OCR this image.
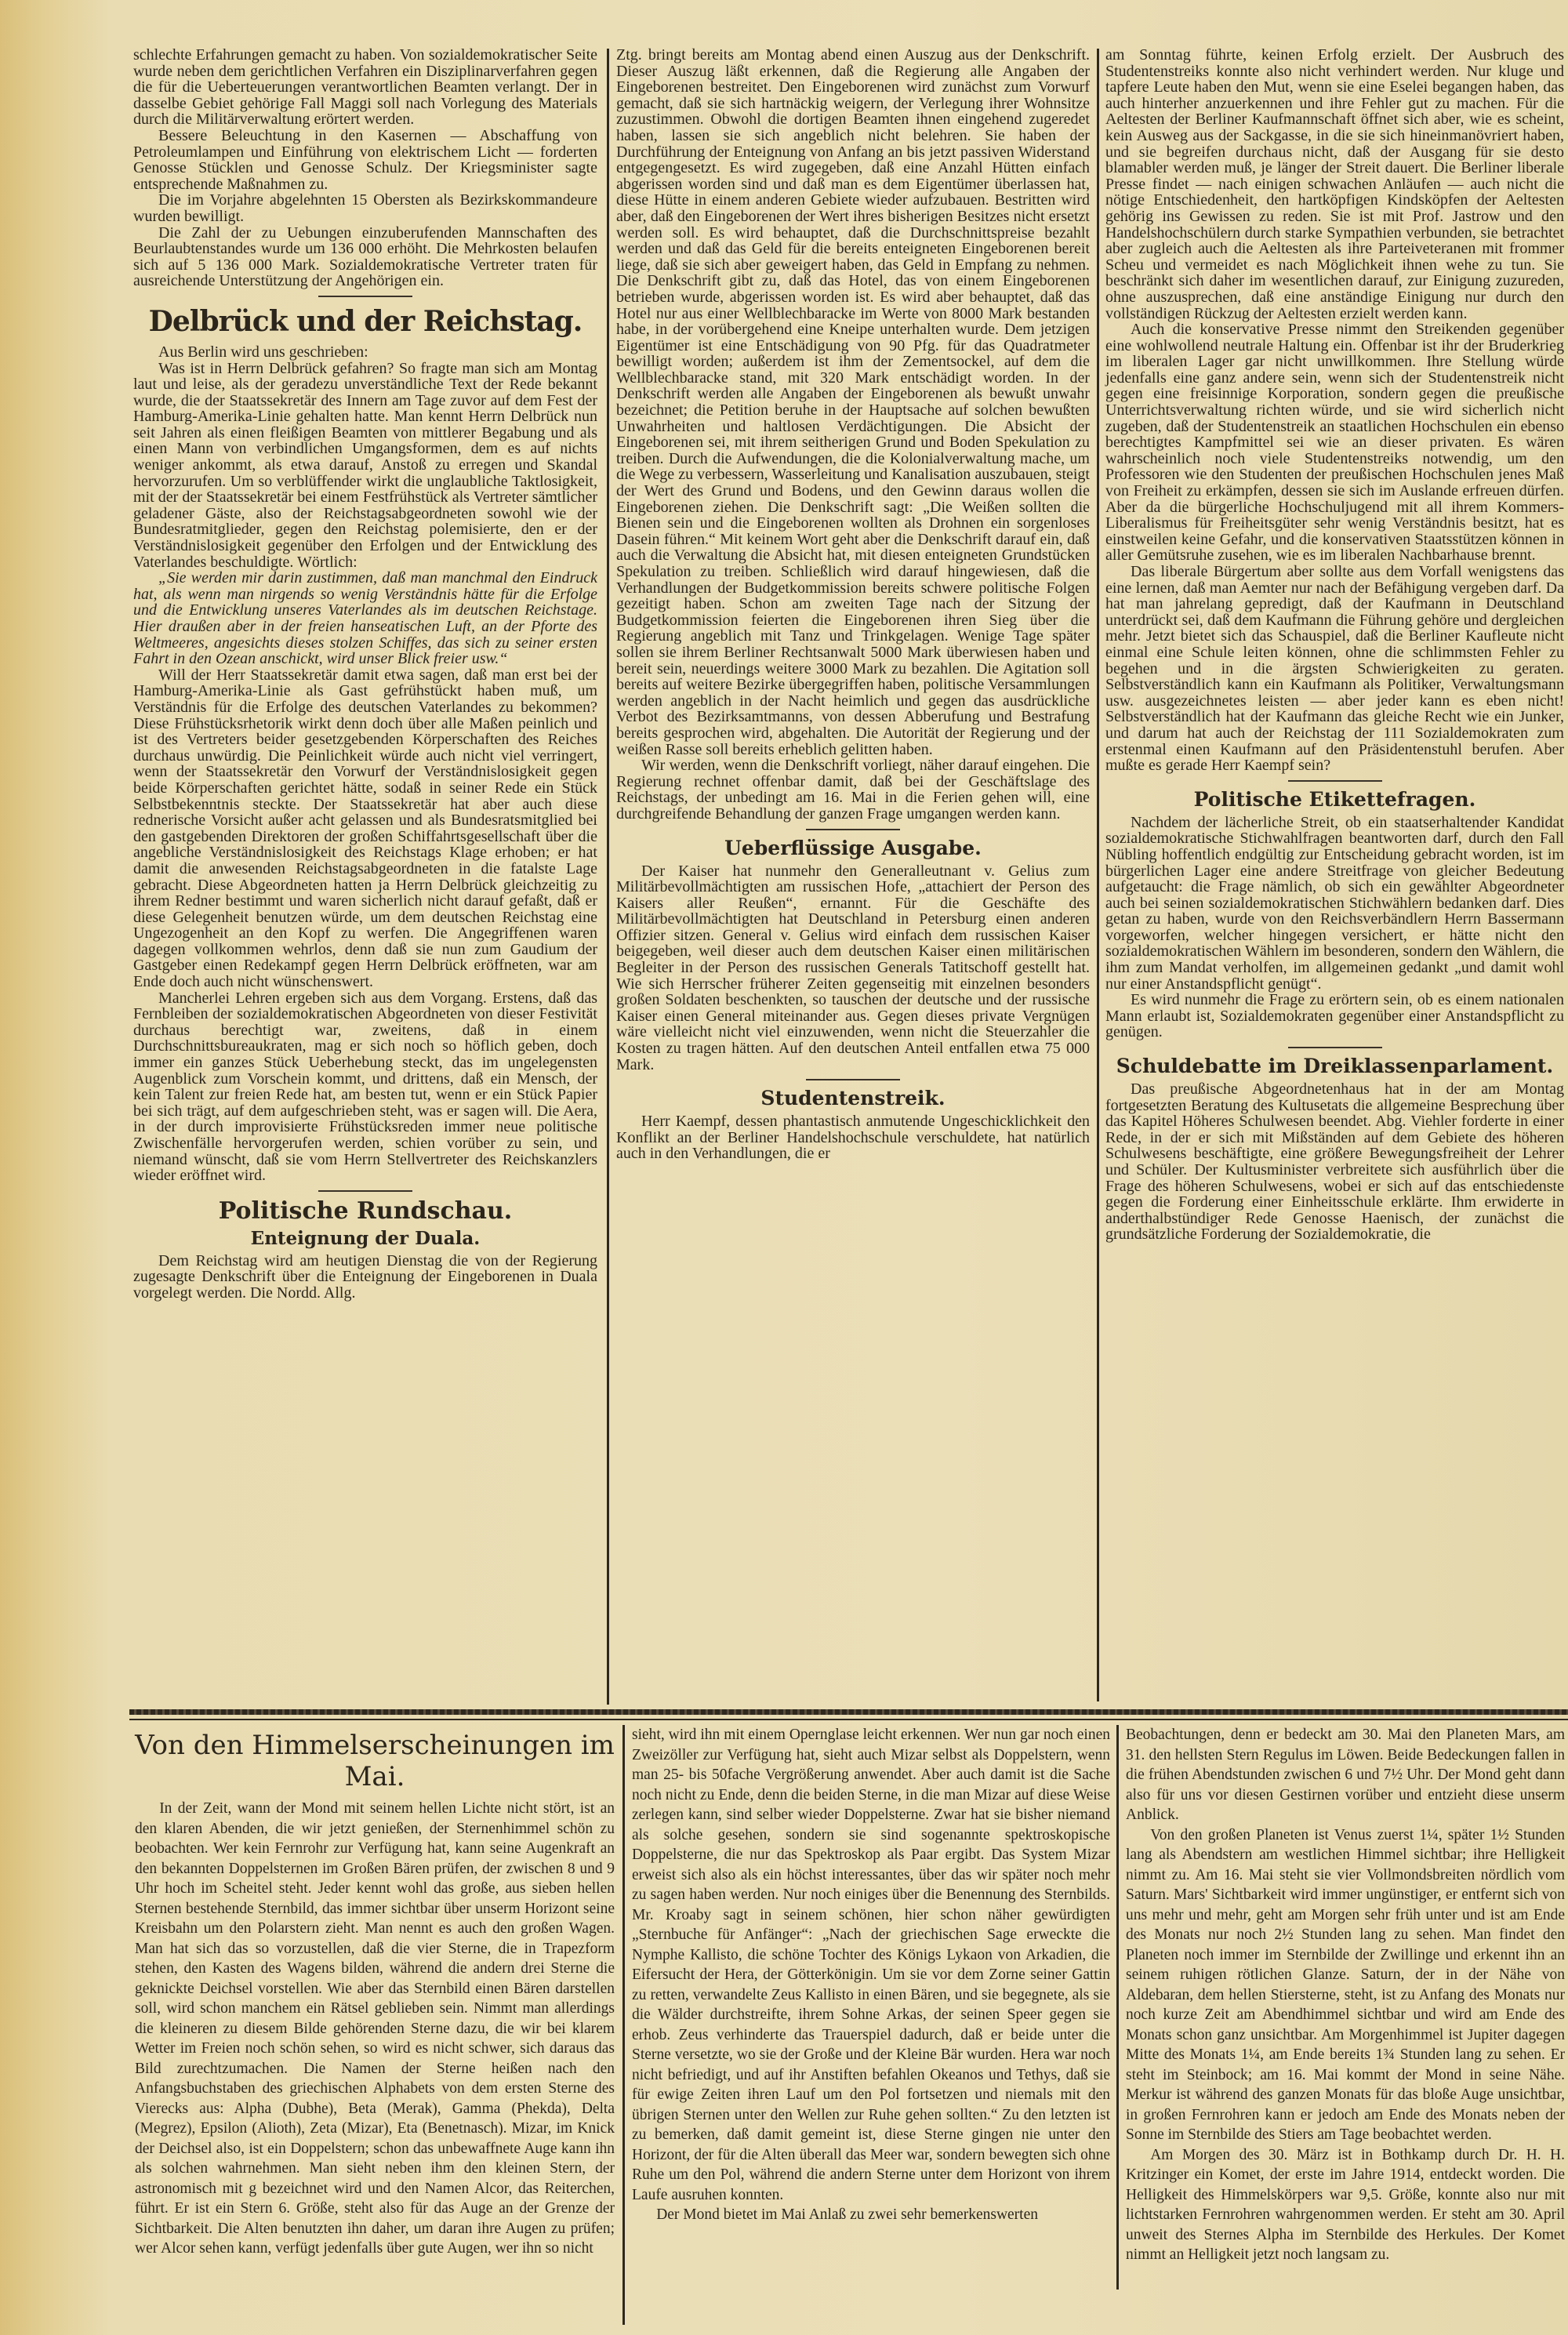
schlechte Erfahrungen gemacht zu haben. Von sozialdemokratischer Seite wurde neben dem gerichtlichen Verfahren ein Disziplinarverfahren gegen die für die Ueberteuerungen verantwortlichen Beamten verlangt. Der in dasselbe Gebiet gehörige Fall Maggi soll nach Vorlegung des Materials durch die Militärverwaltung erörtert werden.

Bessere Beleuchtung in den Kasernen — Abschaffung von Petroleumlampen und Einführung von elektrischem Licht — forderten Genosse Stücklen und Genosse Schulz. Der Kriegsminister sagte entsprechende Maßnahmen zu.

Die im Vorjahre abgelehnten 15 Obersten als Bezirkskommandeure wurden bewilligt.

Die Zahl der zu Uebungen einzuberufenden Mannschaften des Beurlaubtenstandes wurde um 136 000 erhöht. Die Mehrkosten belaufen sich auf 5 136 000 Mark. Sozialdemokratische Vertreter traten für ausreichende Unterstützung der Angehörigen ein.

Delbrück und der Reichstag.

Aus Berlin wird uns geschrieben:

Was ist in Herrn Delbrück gefahren? So fragte man sich am Montag laut und leise, als der geradezu unverständliche Text der Rede bekannt wurde, die der Staatssekretär des Innern am Tage zuvor auf dem Fest der Hamburg-Amerika-Linie gehalten hatte. Man kennt Herrn Delbrück nun seit Jahren als einen fleißigen Beamten von mittlerer Begabung und als einen Mann von verbindlichen Umgangsformen, dem es auf nichts weniger ankommt, als etwa darauf, Anstoß zu erregen und Skandal hervorzurufen. Um so verblüffender wirkt die unglaubliche Taktlosigkeit, mit der der Staatssekretär bei einem Festfrühstück als Vertreter sämtlicher geladener Gäste, also der Reichstagsabgeordneten sowohl wie der Bundesratmitglieder, gegen den Reichstag polemisierte, den er der Verständnislosigkeit gegenüber den Erfolgen und der Entwicklung des Vaterlandes beschuldigte. Wörtlich:

„Sie werden mir darin zustimmen, daß man manchmal den Eindruck hat, als wenn man nirgends so wenig Verständnis hätte für die Erfolge und die Entwicklung unseres Vaterlandes als im deutschen Reichstage. Hier draußen aber in der freien hanseatischen Luft, an der Pforte des Weltmeeres, angesichts dieses stolzen Schiffes, das sich zu seiner ersten Fahrt in den Ozean anschickt, wird unser Blick freier usw.“

Will der Herr Staatssekretär damit etwa sagen, daß man erst bei der Hamburg-Amerika-Linie als Gast gefrühstückt haben muß, um Verständnis für die Erfolge des deutschen Vaterlandes zu bekommen? Diese Frühstücksrhetorik wirkt denn doch über alle Maßen peinlich und ist des Vertreters beider gesetzgebenden Körperschaften des Reiches durchaus unwürdig. Die Peinlichkeit würde auch nicht viel verringert, wenn der Staatssekretär den Vorwurf der Verständnislosigkeit gegen beide Körperschaften gerichtet hätte, sodaß in seiner Rede ein Stück Selbstbekenntnis steckte. Der Staatssekretär hat aber auch diese rednerische Vorsicht außer acht gelassen und als Bundesratsmitglied bei den gastgebenden Direktoren der großen Schiffahrtsgesellschaft über die angebliche Verständnislosigkeit des Reichstags Klage erhoben; er hat damit die anwesenden Reichstagsabgeordneten in die fatalste Lage gebracht. Diese Abgeordneten hatten ja Herrn Delbrück gleichzeitig zu ihrem Redner bestimmt und waren sicherlich nicht darauf gefaßt, daß er diese Gelegenheit benutzen würde, um dem deutschen Reichstag eine Ungezogenheit an den Kopf zu werfen. Die Angegriffenen waren dagegen vollkommen wehrlos, denn daß sie nun zum Gaudium der Gastgeber einen Redekampf gegen Herrn Delbrück eröffneten, war am Ende doch auch nicht wünschenswert.

Mancherlei Lehren ergeben sich aus dem Vorgang. Erstens, daß das Fernbleiben der sozialdemokratischen Abgeordneten von dieser Festivität durchaus berechtigt war, zweitens, daß in einem Durchschnittsbureaukraten, mag er sich noch so höflich geben, doch immer ein ganzes Stück Ueberhebung steckt, das im ungelegensten Augenblick zum Vorschein kommt, und drittens, daß ein Mensch, der kein Talent zur freien Rede hat, am besten tut, wenn er ein Stück Papier bei sich trägt, auf dem aufgeschrieben steht, was er sagen will. Die Aera, in der durch improvisierte Frühstücksreden immer neue politische Zwischenfälle hervorgerufen werden, schien vorüber zu sein, und niemand wünscht, daß sie vom Herrn Stellvertreter des Reichskanzlers wieder eröffnet wird.

Politische Rundschau.
Enteignung der Duala.

Dem Reichstag wird am heutigen Dienstag die von der Regierung zugesagte Denkschrift über die Enteignung der Eingeborenen in Duala vorgelegt werden. Die Nordd. Allg.

Ztg. bringt bereits am Montag abend einen Auszug aus der Denkschrift. Dieser Auszug läßt erkennen, daß die Regierung alle Angaben der Eingeborenen bestreitet. Den Eingeborenen wird zunächst zum Vorwurf gemacht, daß sie sich hartnäckig weigern, der Verlegung ihrer Wohnsitze zuzustimmen. Obwohl die dortigen Beamten ihnen eingehend zugeredet haben, lassen sie sich angeblich nicht belehren. Sie haben der Durchführung der Enteignung von Anfang an bis jetzt passiven Widerstand entgegengesetzt. Es wird zugegeben, daß eine Anzahl Hütten einfach abgerissen worden sind und daß man es dem Eigentümer überlassen hat, diese Hütte in einem anderen Gebiete wieder aufzubauen. Bestritten wird aber, daß den Eingeborenen der Wert ihres bisherigen Besitzes nicht ersetzt werden soll. Es wird behauptet, daß die Durchschnittspreise bezahlt werden und daß das Geld für die bereits enteigneten Eingeborenen bereit liege, daß sie sich aber geweigert haben, das Geld in Empfang zu nehmen. Die Denkschrift gibt zu, daß das Hotel, das von einem Eingeborenen betrieben wurde, abgerissen worden ist. Es wird aber behauptet, daß das Hotel nur aus einer Wellblechbaracke im Werte von 8000 Mark bestanden habe, in der vorübergehend eine Kneipe unterhalten wurde. Dem jetzigen Eigentümer ist eine Entschädigung von 90 Pfg. für das Quadratmeter bewilligt worden; außerdem ist ihm der Zementsockel, auf dem die Wellblechbaracke stand, mit 320 Mark entschädigt worden. In der Denkschrift werden alle Angaben der Eingeborenen als bewußt unwahr bezeichnet; die Petition beruhe in der Hauptsache auf solchen bewußten Unwahrheiten und haltlosen Verdächtigungen. Die Absicht der Eingeborenen sei, mit ihrem seitherigen Grund und Boden Spekulation zu treiben. Durch die Aufwendungen, die die Kolonialverwaltung mache, um die Wege zu verbessern, Wasserleitung und Kanalisation auszubauen, steigt der Wert des Grund und Bodens, und den Gewinn daraus wollen die Eingeborenen ziehen. Die Denkschrift sagt: „Die Weißen sollten die Bienen sein und die Eingeborenen wollten als Drohnen ein sorgenloses Dasein führen.“ Mit keinem Wort geht aber die Denkschrift darauf ein, daß auch die Verwaltung die Absicht hat, mit diesen enteigneten Grundstücken Spekulation zu treiben. Schließlich wird darauf hingewiesen, daß die Verhandlungen der Budgetkommission bereits schwere politische Folgen gezeitigt haben. Schon am zweiten Tage nach der Sitzung der Budgetkommission feierten die Eingeborenen ihren Sieg über die Regierung angeblich mit Tanz und Trinkgelagen. Wenige Tage später sollen sie ihrem Berliner Rechtsanwalt 5000 Mark überwiesen haben und bereit sein, neuerdings weitere 3000 Mark zu bezahlen. Die Agitation soll bereits auf weitere Bezirke übergegriffen haben, politische Versammlungen werden angeblich in der Nacht heimlich und gegen das ausdrückliche Verbot des Bezirksamtmanns, von dessen Abberufung und Bestrafung bereits gesprochen wird, abgehalten. Die Autorität der Regierung und der weißen Rasse soll bereits erheblich gelitten haben.

Wir werden, wenn die Denkschrift vorliegt, näher darauf eingehen. Die Regierung rechnet offenbar damit, daß bei der Geschäftslage des Reichstags, der unbedingt am 16. Mai in die Ferien gehen will, eine durchgreifende Behandlung der ganzen Frage umgangen werden kann.

Ueberflüssige Ausgabe.

Der Kaiser hat nunmehr den Generalleutnant v. Gelius zum Militärbevollmächtigten am russischen Hofe, „attachiert der Person des Kaisers aller Reußen“, ernannt. Für die Geschäfte des Militärbevollmächtigten hat Deutschland in Petersburg einen anderen Offizier sitzen. General v. Gelius wird einfach dem russischen Kaiser beigegeben, weil dieser auch dem deutschen Kaiser einen militärischen Begleiter in der Person des russischen Generals Tatitschoff gestellt hat. Wie sich Herrscher früherer Zeiten gegenseitig mit einzelnen besonders großen Soldaten beschenkten, so tauschen der deutsche und der russische Kaiser einen General miteinander aus. Gegen dieses private Vergnügen wäre vielleicht nicht viel einzuwenden, wenn nicht die Steuerzahler die Kosten zu tragen hätten. Auf den deutschen Anteil entfallen etwa 75 000 Mark.

Studentenstreik.

Herr Kaempf, dessen phantastisch anmutende Ungeschicklichkeit den Konflikt an der Berliner Handelshochschule verschuldete, hat natürlich auch in den Verhandlungen, die er

am Sonntag führte, keinen Erfolg erzielt. Der Ausbruch des Studentenstreiks konnte also nicht verhindert werden. Nur kluge und tapfere Leute haben den Mut, wenn sie eine Eselei begangen haben, das auch hinterher anzuerkennen und ihre Fehler gut zu machen. Für die Aeltesten der Berliner Kaufmannschaft öffnet sich aber, wie es scheint, kein Ausweg aus der Sackgasse, in die sie sich hineinmanövriert haben, und sie begreifen durchaus nicht, daß der Ausgang für sie desto blamabler werden muß, je länger der Streit dauert. Die Berliner liberale Presse findet — nach einigen schwachen Anläufen — auch nicht die nötige Entschiedenheit, den hartköpfigen Kindsköpfen der Aeltesten gehörig ins Gewissen zu reden. Sie ist mit Prof. Jastrow und den Handelshochschülern durch starke Sympathien verbunden, sie betrachtet aber zugleich auch die Aeltesten als ihre Parteiveteranen mit frommer Scheu und vermeidet es nach Möglichkeit ihnen wehe zu tun. Sie beschränkt sich daher im wesentlichen darauf, zur Einigung zuzureden, ohne auszusprechen, daß eine anständige Einigung nur durch den vollständigen Rückzug der Aeltesten erzielt werden kann.

Auch die konservative Presse nimmt den Streikenden gegenüber eine wohlwollend neutrale Haltung ein. Offenbar ist ihr der Bruderkrieg im liberalen Lager gar nicht unwillkommen. Ihre Stellung würde jedenfalls eine ganz andere sein, wenn sich der Studentenstreik nicht gegen eine freisinnige Korporation, sondern gegen die preußische Unterrichtsverwaltung richten würde, und sie wird sicherlich nicht zugeben, daß der Studentenstreik an staatlichen Hochschulen ein ebenso berechtigtes Kampfmittel sei wie an dieser privaten. Es wären wahrscheinlich noch viele Studentenstreiks notwendig, um den Professoren wie den Studenten der preußischen Hochschulen jenes Maß von Freiheit zu erkämpfen, dessen sie sich im Auslande erfreuen dürfen. Aber da die bürgerliche Hochschuljugend mit all ihrem Kommers-Liberalismus für Freiheitsgüter sehr wenig Verständnis besitzt, hat es einstweilen keine Gefahr, und die konservativen Staatsstützen können in aller Gemütsruhe zusehen, wie es im liberalen Nachbarhause brennt.

Das liberale Bürgertum aber sollte aus dem Vorfall wenigstens das eine lernen, daß man Aemter nur nach der Befähigung vergeben darf. Da hat man jahrelang gepredigt, daß der Kaufmann in Deutschland unterdrückt sei, daß dem Kaufmann die Führung gehöre und dergleichen mehr. Jetzt bietet sich das Schauspiel, daß die Berliner Kaufleute nicht einmal eine Schule leiten können, ohne die schlimmsten Fehler zu begehen und in die ärgsten Schwierigkeiten zu geraten. Selbstverständlich kann ein Kaufmann als Politiker, Verwaltungsmann usw. ausgezeichnetes leisten — aber jeder kann es eben nicht! Selbstverständlich hat der Kaufmann das gleiche Recht wie ein Junker, und darum hat auch der Reichstag der 111 Sozialdemokraten zum erstenmal einen Kaufmann auf den Präsidentenstuhl berufen. Aber mußte es gerade Herr Kaempf sein?

Politische Etikettefragen.

Nachdem der lächerliche Streit, ob ein staatserhaltender Kandidat sozialdemokratische Stichwahlfragen beantworten darf, durch den Fall Nübling hoffentlich endgültig zur Entscheidung gebracht worden, ist im bürgerlichen Lager eine andere Streitfrage von gleicher Bedeutung aufgetaucht: die Frage nämlich, ob sich ein gewählter Abgeordneter auch bei seinen sozialdemokratischen Stichwählern bedanken darf. Dies getan zu haben, wurde von den Reichsverbändlern Herrn Bassermann vorgeworfen, welcher hingegen versichert, er hätte nicht den sozialdemokratischen Wählern im besonderen, sondern den Wählern, die ihm zum Mandat verholfen, im allgemeinen gedankt „und damit wohl nur einer Anstandspflicht genügt“.

Es wird nunmehr die Frage zu erörtern sein, ob es einem nationalen Mann erlaubt ist, Sozialdemokraten gegenüber einer Anstandspflicht zu genügen.

Schuldebatte im Dreiklassenparlament.

Das preußische Abgeordnetenhaus hat in der am Montag fortgesetzten Beratung des Kultusetats die allgemeine Besprechung über das Kapitel Höheres Schulwesen beendet. Abg. Viehler forderte in einer Rede, in der er sich mit Mißständen auf dem Gebiete des höheren Schulwesens beschäftigte, eine größere Bewegungsfreiheit der Lehrer und Schüler. Der Kultusminister verbreitete sich ausführlich über die Frage des höheren Schulwesens, wobei er sich auf das entschiedenste gegen die Forderung einer Einheitsschule erklärte. Ihm erwiderte in anderthalbstündiger Rede Genosse Haenisch, der zunächst die grundsätzliche Forderung der Sozialdemokratie, die

Von den Himmelserscheinungen im Mai.

In der Zeit, wann der Mond mit seinem hellen Lichte nicht stört, ist an den klaren Abenden, die wir jetzt genießen, der Sternenhimmel schön zu beobachten. Wer kein Fernrohr zur Verfügung hat, kann seine Augenkraft an den bekannten Doppelsternen im Großen Bären prüfen, der zwischen 8 und 9 Uhr hoch im Scheitel steht. Jeder kennt wohl das große, aus sieben hellen Sternen bestehende Sternbild, das immer sichtbar über unserm Horizont seine Kreisbahn um den Polarstern zieht. Man nennt es auch den großen Wagen. Man hat sich das so vorzustellen, daß die vier Sterne, die in Trapezform stehen, den Kasten des Wagens bilden, während die andern drei Sterne die geknickte Deichsel vorstellen. Wie aber das Sternbild einen Bären darstellen soll, wird schon manchem ein Rätsel geblieben sein. Nimmt man allerdings die kleineren zu diesem Bilde gehörenden Sterne dazu, die wir bei klarem Wetter im Freien noch schön sehen, so wird es nicht schwer, sich daraus das Bild zurechtzumachen. Die Namen der Sterne heißen nach den Anfangsbuchstaben des griechischen Alphabets von dem ersten Sterne des Vierecks aus: Alpha (Dubhe), Beta (Merak), Gamma (Phekda), Delta (Megrez), Epsilon (Alioth), Zeta (Mizar), Eta (Benetnasch). Mizar, im Knick der Deichsel also, ist ein Doppelstern; schon das unbewaffnete Auge kann ihn als solchen wahrnehmen. Man sieht neben ihm den kleinen Stern, der astronomisch mit g bezeichnet wird und den Namen Alcor, das Reiterchen, führt. Er ist ein Stern 6. Größe, steht also für das Auge an der Grenze der Sichtbarkeit. Die Alten benutzten ihn daher, um daran ihre Augen zu prüfen; wer Alcor sehen kann, verfügt jedenfalls über gute Augen, wer ihn so nicht

sieht, wird ihn mit einem Opernglase leicht erkennen. Wer nun gar noch einen Zweizöller zur Verfügung hat, sieht auch Mizar selbst als Doppelstern, wenn man 25- bis 50fache Vergrößerung anwendet. Aber auch damit ist die Sache noch nicht zu Ende, denn die beiden Sterne, in die man Mizar auf diese Weise zerlegen kann, sind selber wieder Doppelsterne. Zwar hat sie bisher niemand als solche gesehen, sondern sie sind sogenannte spektroskopische Doppelsterne, die nur das Spektroskop als Paar ergibt. Das System Mizar erweist sich also als ein höchst interessantes, über das wir später noch mehr zu sagen haben werden. Nur noch einiges über die Benennung des Sternbilds. Mr. Kroaby sagt in seinem schönen, hier schon näher gewürdigten „Sternbuche für Anfänger“: „Nach der griechischen Sage erweckte die Nymphe Kallisto, die schöne Tochter des Königs Lykaon von Arkadien, die Eifersucht der Hera, der Götterkönigin. Um sie vor dem Zorne seiner Gattin zu retten, verwandelte Zeus Kallisto in einen Bären, und sie begegnete, als sie die Wälder durchstreifte, ihrem Sohne Arkas, der seinen Speer gegen sie erhob. Zeus verhinderte das Trauerspiel dadurch, daß er beide unter die Sterne versetzte, wo sie der Große und der Kleine Bär wurden. Hera war noch nicht befriedigt, und auf ihr Anstiften befahlen Okeanos und Tethys, daß sie für ewige Zeiten ihren Lauf um den Pol fortsetzen und niemals mit den übrigen Sternen unter den Wellen zur Ruhe gehen sollten.“ Zu den letzten ist zu bemerken, daß damit gemeint ist, diese Sterne gingen nie unter den Horizont, der für die Alten überall das Meer war, sondern bewegten sich ohne Ruhe um den Pol, während die andern Sterne unter dem Horizont von ihrem Laufe ausruhen konnten.

Der Mond bietet im Mai Anlaß zu zwei sehr bemerkenswerten

Beobachtungen, denn er bedeckt am 30. Mai den Planeten Mars, am 31. den hellsten Stern Regulus im Löwen. Beide Bedeckungen fallen in die frühen Abendstunden zwischen 6 und 7½ Uhr. Der Mond geht dann also für uns vor diesen Gestirnen vorüber und entzieht diese unserm Anblick.

Von den großen Planeten ist Venus zuerst 1¼, später 1½ Stunden lang als Abendstern am westlichen Himmel sichtbar; ihre Helligkeit nimmt zu. Am 16. Mai steht sie vier Vollmondsbreiten nördlich vom Saturn. Mars' Sichtbarkeit wird immer ungünstiger, er entfernt sich von uns mehr und mehr, geht am Morgen sehr früh unter und ist am Ende des Monats nur noch 2½ Stunden lang zu sehen. Man findet den Planeten noch immer im Sternbilde der Zwillinge und erkennt ihn an seinem ruhigen rötlichen Glanze. Saturn, der in der Nähe von Aldebaran, dem hellen Stiersterne, steht, ist zu Anfang des Monats nur noch kurze Zeit am Abendhimmel sichtbar und wird am Ende des Monats schon ganz unsichtbar. Am Morgenhimmel ist Jupiter dagegen Mitte des Monats 1¼, am Ende bereits 1¾ Stunden lang zu sehen. Er steht im Steinbock; am 16. Mai kommt der Mond in seine Nähe. Merkur ist während des ganzen Monats für das bloße Auge unsichtbar, in großen Fernrohren kann er jedoch am Ende des Monats neben der Sonne im Sternbilde des Stiers am Tage beobachtet werden.

Am Morgen des 30. März ist in Bothkamp durch Dr. H. H. Kritzinger ein Komet, der erste im Jahre 1914, entdeckt worden. Die Helligkeit des Himmelskörpers war 9,5. Größe, konnte also nur mit lichtstarken Fernrohren wahrgenommen werden. Er steht am 30. April unweit des Sternes Alpha im Sternbilde des Herkules. Der Komet nimmt an Helligkeit jetzt noch langsam zu.
